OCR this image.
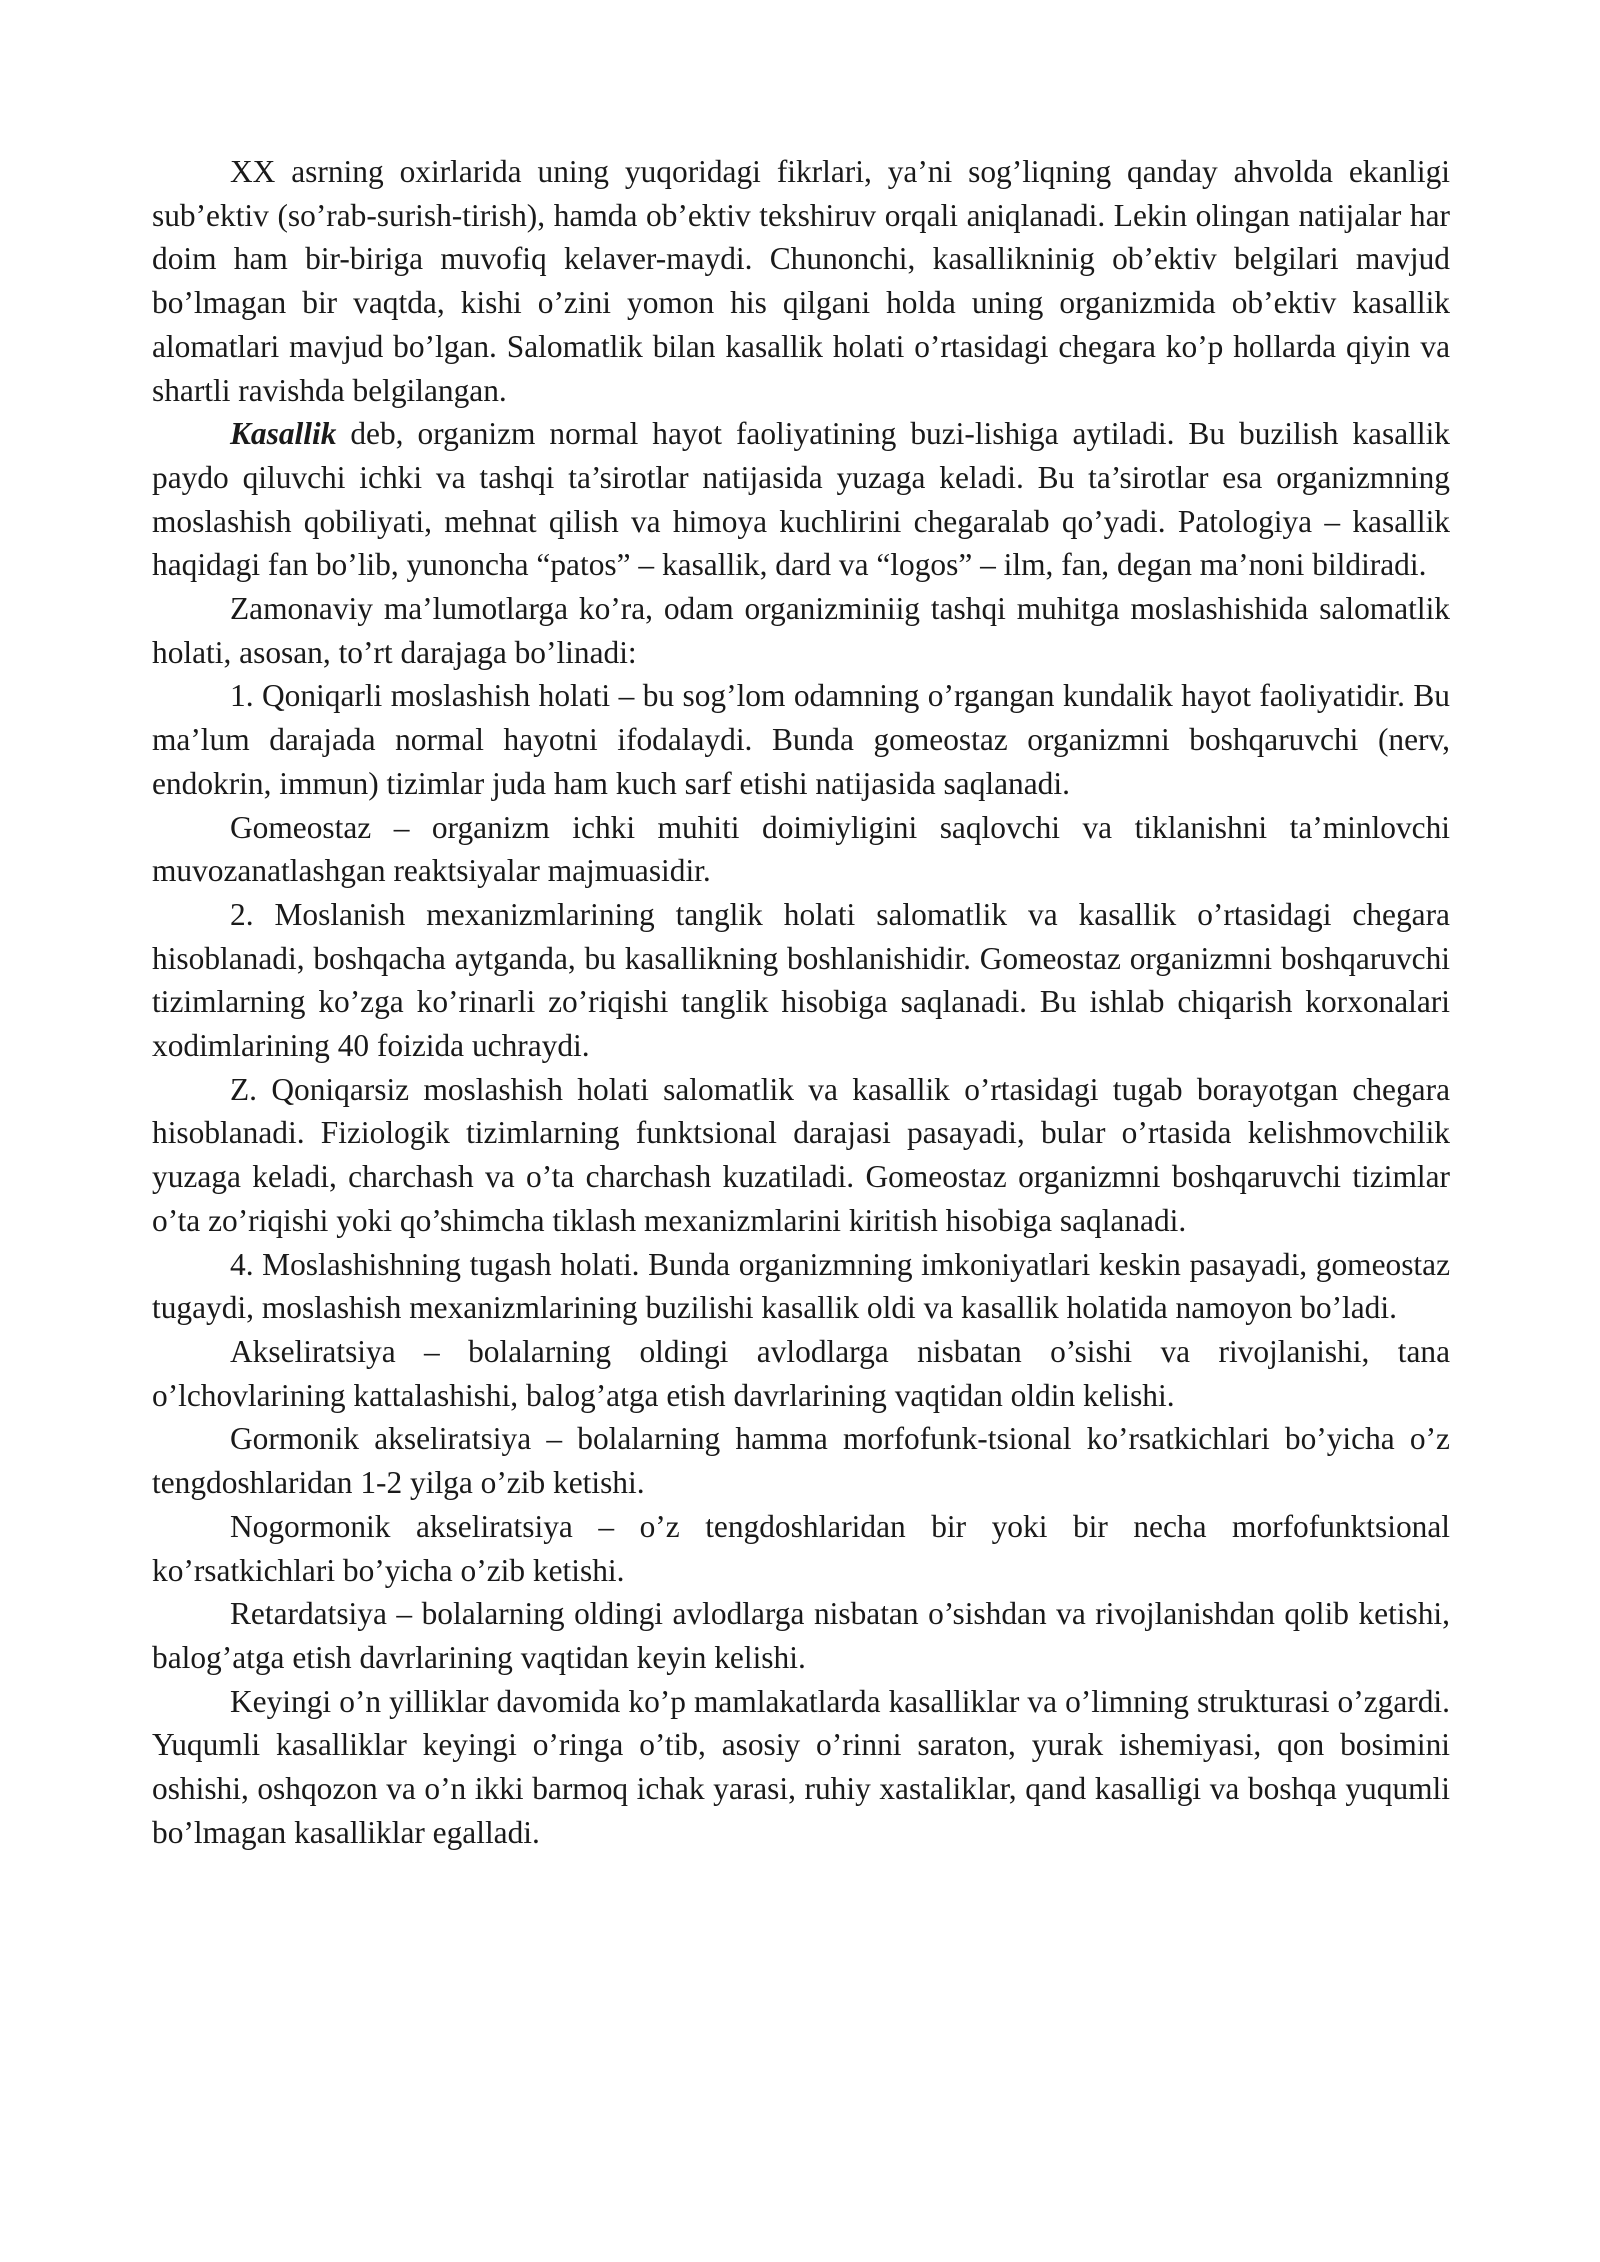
XX asrning oxirlarida uning yuqoridagi fikrlari, ya’ni sog’liqning qanday ahvolda ekanligi sub’ektiv (so’rab-surish-tirish), hamda ob’ektiv tekshiruv orqali aniqlanadi. Lekin olingan natijalar har doim ham bir-biriga muvofiq kelaver-maydi. Chunonchi, kasallikninig ob’ektiv belgilari mavjud bo’lmagan bir vaqtda, kishi o’zini yomon his qilgani holda uning organizmida ob’ektiv kasallik alomatlari mavjud bo’lgan. Salomatlik bilan kasallik holati o’rtasidagi chegara ko’p hollarda qiyin va shartli ravishda belgilangan.

Kasallik deb, organizm normal hayot faoliyatining buzi-lishiga aytiladi. Bu buzilish kasallik paydo qiluvchi ichki va tashqi ta’sirotlar natijasida yuzaga keladi. Bu ta’sirotlar esa organizmning moslashish qobiliyati, mehnat qilish va himoya kuchlirini chegaralab qo’yadi. Patologiya – kasallik haqidagi fan bo’lib, yunoncha “patos” – kasallik, dard va “logos” – ilm, fan, degan ma’noni bildiradi.

Zamonaviy ma’lumotlarga ko’ra, odam organizminiig tashqi muhitga moslashishida salomatlik holati, asosan, to’rt darajaga bo’linadi:

1. Qoniqarli moslashish holati – bu sog’lom odamning o’rgangan kundalik hayot faoliyatidir. Bu ma’lum darajada normal hayotni ifodalaydi. Bunda gomeostaz organizmni boshqaruvchi (nerv, endokrin, immun) tizimlar juda ham kuch sarf etishi natijasida saqlanadi.

Gomeostaz – organizm ichki muhiti doimiyligini saqlovchi va tiklanishni ta’minlovchi muvozanatlashgan reaktsiyalar majmuasidir.

2. Moslanish mexanizmlarining tanglik holati salomatlik va kasallik o’rtasidagi chegara hisoblanadi, boshqacha aytganda, bu kasallikning boshlanishidir. Gomeostaz organizmni boshqaruvchi tizimlarning ko’zga ko’rinarli zo’riqishi tanglik hisobiga saqlanadi. Bu ishlab chiqarish korxonalari xodimlarining 40 foizida uchraydi.

Z. Qoniqarsiz moslashish holati salomatlik va kasallik o’rtasidagi tugab borayotgan chegara hisoblanadi. Fiziologik tizimlarning funktsional darajasi pasayadi, bular o’rtasida kelishmovchilik yuzaga keladi, charchash va o’ta charchash kuzatiladi. Gomeostaz organizmni boshqaruvchi tizimlar o’ta zo’riqishi yoki qo’shimcha tiklash mexanizmlarini kiritish hisobiga saqlanadi.

4. Moslashishning tugash holati. Bunda organizmning imkoniyatlari keskin pasayadi, gomeostaz tugaydi, moslashish mexanizmlarining buzilishi kasallik oldi va kasallik holatida namoyon bo’ladi.

Akseliratsiya – bolalarning oldingi avlodlarga nisbatan o’sishi va rivojlanishi, tana o’lchovlarining kattalashishi, balog’atga etish davrlarining vaqtidan oldin kelishi.

Gormonik akseliratsiya – bolalarning hamma morfofunk-tsional ko’rsatkichlari bo’yicha o’z tengdoshlaridan 1-2 yilga o’zib ketishi.

Nogormonik akseliratsiya – o’z tengdoshlaridan bir yoki bir necha morfofunktsional ko’rsatkichlari bo’yicha o’zib ketishi.

Retardatsiya – bolalarning oldingi avlodlarga nisbatan o’sishdan va rivojlanishdan qolib ketishi, balog’atga etish davrlarining vaqtidan keyin kelishi.

Keyingi o’n yilliklar davomida ko’p mamlakatlarda kasalliklar va o’limning strukturasi o’zgardi. Yuqumli kasalliklar keyingi o’ringa o’tib, asosiy o’rinni saraton, yurak ishemiyasi, qon bosimini oshishi, oshqozon va o’n ikki barmoq ichak yarasi, ruhiy xastaliklar, qand kasalligi va boshqa yuqumli bo’lmagan kasalliklar egalladi.
